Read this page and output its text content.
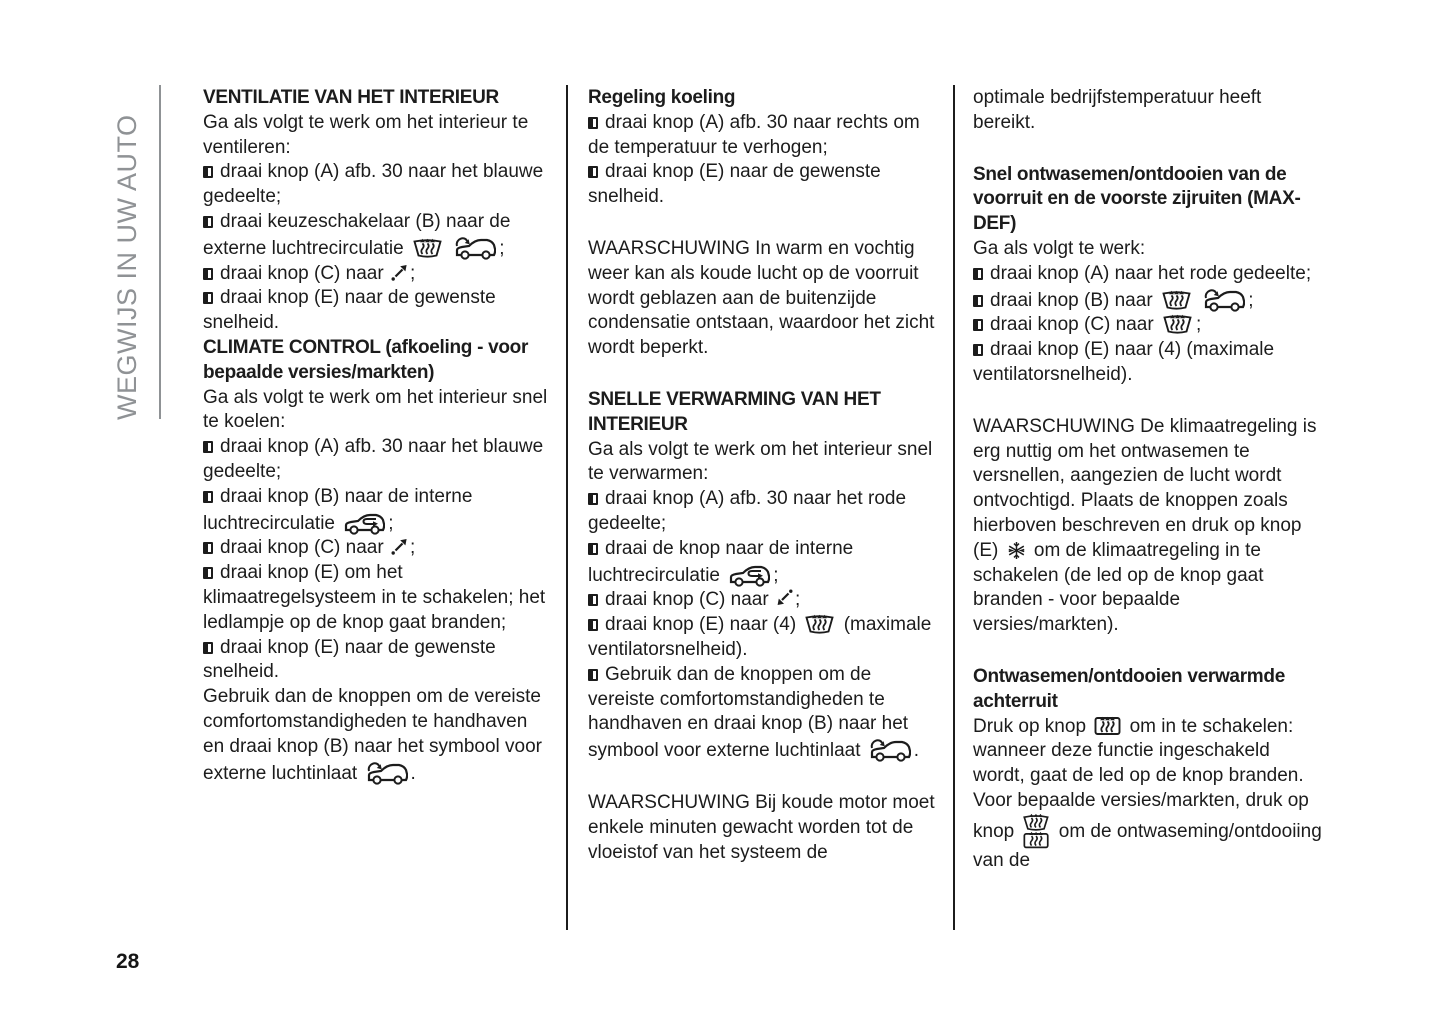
WEGWIJS IN UW AUTO
28
VENTILATIE VAN HET INTERIEUR
Ga als volgt te werk om het interieur te ventileren:
draai knop (A) afb. 30 naar het blauwe gedeelte;
draai keuzeschakelaar (B) naar de externe luchtrecirculatie
	;
draai knop (C) naar
;
draai knop (E) naar de gewenste snelheid.
CLIMATE CONTROL (afkoeling - voor bepaalde versies/markten)
Ga als volgt te werk om het interieur snel te koelen:
draai knop (A) afb. 30 naar het blauwe gedeelte;
draai knop (B) naar de interne luchtrecirculatie	;
draai knop (C) naar
;
draai knop (E) om het klimaatregelsysteem in te schakelen; het ledlampje op de knop gaat branden;
draai knop (E) naar de gewenste snelheid.
Gebruik dan de knoppen om de vereiste comfortomstandigheden te handhaven en draai knop (B) naar het symbool voor externe luchtinlaat	.
Regeling koeling
draai knop (A) afb. 30 naar rechts om de temperatuur te verhogen;
draai knop (E) naar de gewenste snelheid.
WAARSCHUWING In warm en vochtig weer kan als koude lucht op de voorruit wordt geblazen aan de buitenzijde condensatie ontstaan, waardoor het zicht wordt beperkt.
SNELLE VERWARMING VAN HET INTERIEUR
Ga als volgt te werk om het interieur snel te verwarmen:
draai knop (A) afb. 30 naar het rode gedeelte;
draai de knop naar de interne luchtrecirculatie	;
draai knop (C) naar
;
draai knop (E) naar (4)
(maximale ventilatorsnelheid).
Gebruik dan de knoppen om de vereiste comfortomstandigheden te handhaven en draai knop (B) naar het symbool voor externe luchtinlaat	.
WAARSCHUWING Bij koude motor moet enkele minuten gewacht worden tot de vloeistof van het systeem de
optimale bedrijfstemperatuur heeft bereikt.
Snel ontwasemen/ontdooien van de voorruit en de voorste zijruiten (MAX-DEF)
Ga als volgt te werk:
draai knop (A) naar het rode gedeelte;
draai knop (B) naar
	;
draai knop (C) naar
;
draai knop (E) naar (4) (maximale ventilatorsnelheid).
WAARSCHUWING De klimaatregeling is erg nuttig om het ontwasemen te versnellen, aangezien de lucht wordt ontvochtigd. Plaats de knoppen zoals hierboven beschreven en druk op knop (E)
om de klimaatregeling in te schakelen (de led op de knop gaat branden - voor bepaalde versies/markten).
Ontwasemen/ontdooien verwarmde achterruit
Druk op knop
om in te schakelen: wanneer deze functie ingeschakeld wordt, gaat de led op de knop branden.
Voor bepaalde versies/markten, druk op knop
om de ontwaseming/ontdooiing van de
